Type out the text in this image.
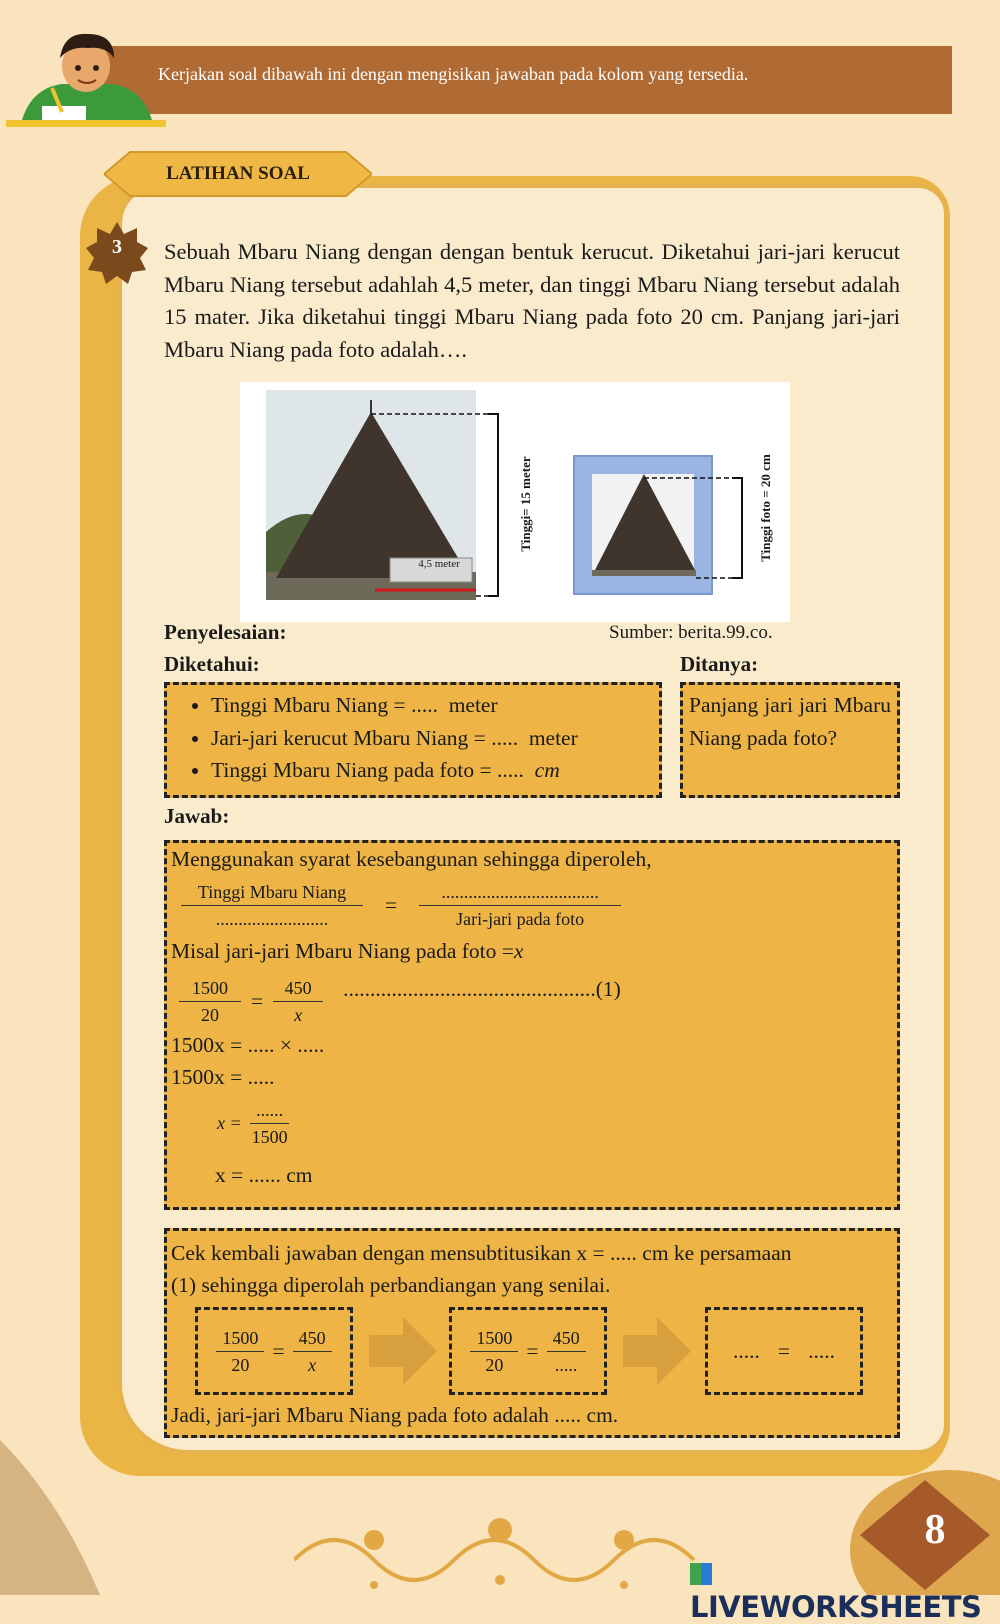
Kerjakan soal dibawah ini dengan mengisikan jawaban pada kolom yang tersedia.
LATIHAN SOAL
3	Sebuah Mbaru Niang dengan dengan bentuk kerucut. Diketahui jari-jari kerucut Mbaru Niang tersebut adahlah 4,5 meter, dan tinggi Mbaru Niang tersebut adalah 15 mater. Jika diketahui tinggi Mbaru Niang pada foto 20 cm. Panjang jari-jari Mbaru Niang pada foto adalah….
4,5 meter
Tinggi= 15 meter	Tinggi foto = 20 cm
Penyelesaian:	Sumber: berita.99.co.
Diketahui:	Ditanya:
• Tinggi Mbaru Niang = ..... meter
• Jari-jari kerucut Mbaru Niang = ..... meter
• Tinggi Mbaru Niang pada foto = ..... cm
Panjang jari jari Mbaru Niang pada foto?
Jawab:
Menggunakan syarat kesebangunan sehingga diperoleh,
$\frac{\text{Tinggi Mbaru Niang}}{.........................} = \frac{...................................}{\text{Jari-jari pada foto}}$
Misal jari-jari Mbaru Niang pada foto =x
$\frac{1500}{20} = \frac{450}{x} ...............................................(1)$
1500x = ..... × .....
1500x = .....
$x = \frac{......}{1500}$
x = ...... cm
Cek kembali jawaban dengan mensubtitusikan x = ..... cm ke persamaan
(1) sehingga diperolah perbandiangan yang senilai.
$\frac{1500}{20} = \frac{450}{x}$	$\frac{1500}{20} = \frac{450}{.....}$	..... = .....
Jadi, jari-jari Mbaru Niang pada foto adalah ..... cm.
8
LIVEWORKSHEETS
